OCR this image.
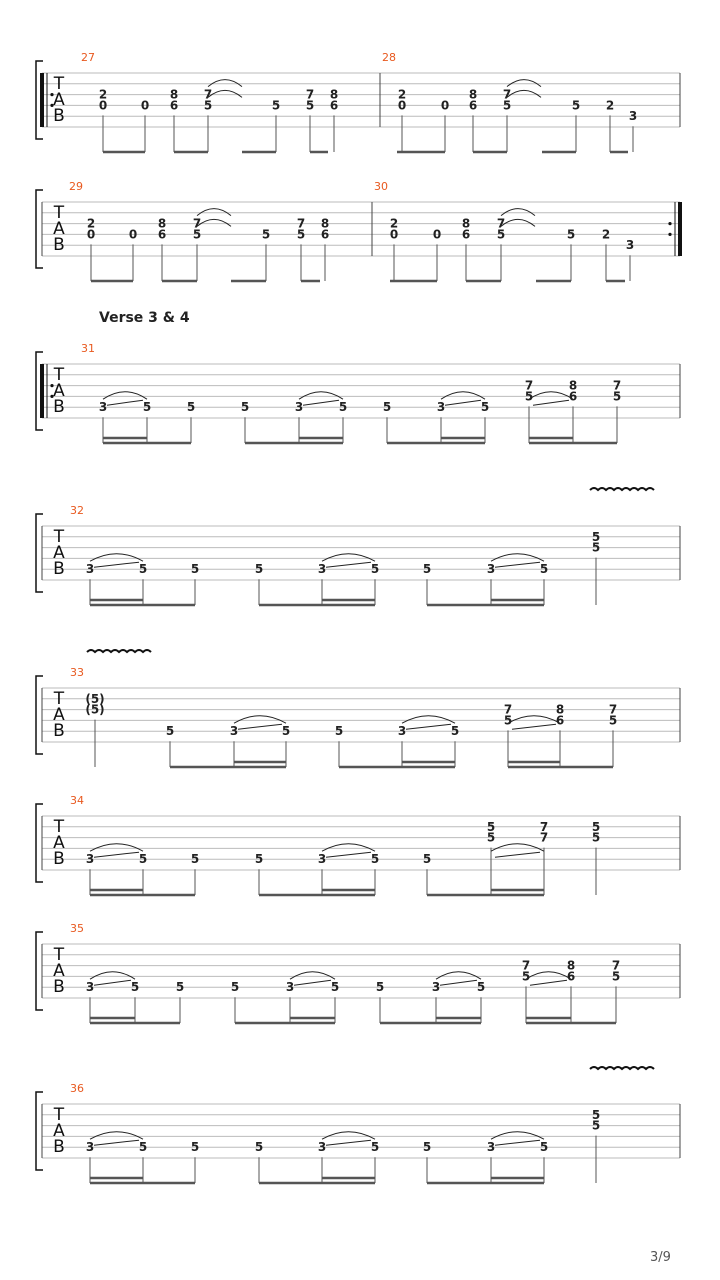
T
A
B
27
2
0	0
8
6
7
5	5
7
5
8
6
28
2
0	0
8
6
7
5	5 2
3
T
A
B
29
2
0	0
8
6
7
5	5
7
5
8
6
30
2
0	0
8
6
7
5	5 2
3
T
A
B
31
3	5	5	5	3	5	5	3	5
7
5
8
6
7
5
T
A
B
32
3	5	5	5	3	5	5	3	5
5
5
T
A
B
33
(5)
(5)
5	3	5	5	3	5
7
5
8
6
7
5
T
A
B
34
3	5	5	5	3	5	5
5
5
7
7
5
5
T
A
B
35
3	5	5	5	3	5	5	3	5
7
5
8
6
7
5
T
A
B
36
3	5	5	5	3	5	5	3	5
5
5
Verse 3 & 4
3/9
